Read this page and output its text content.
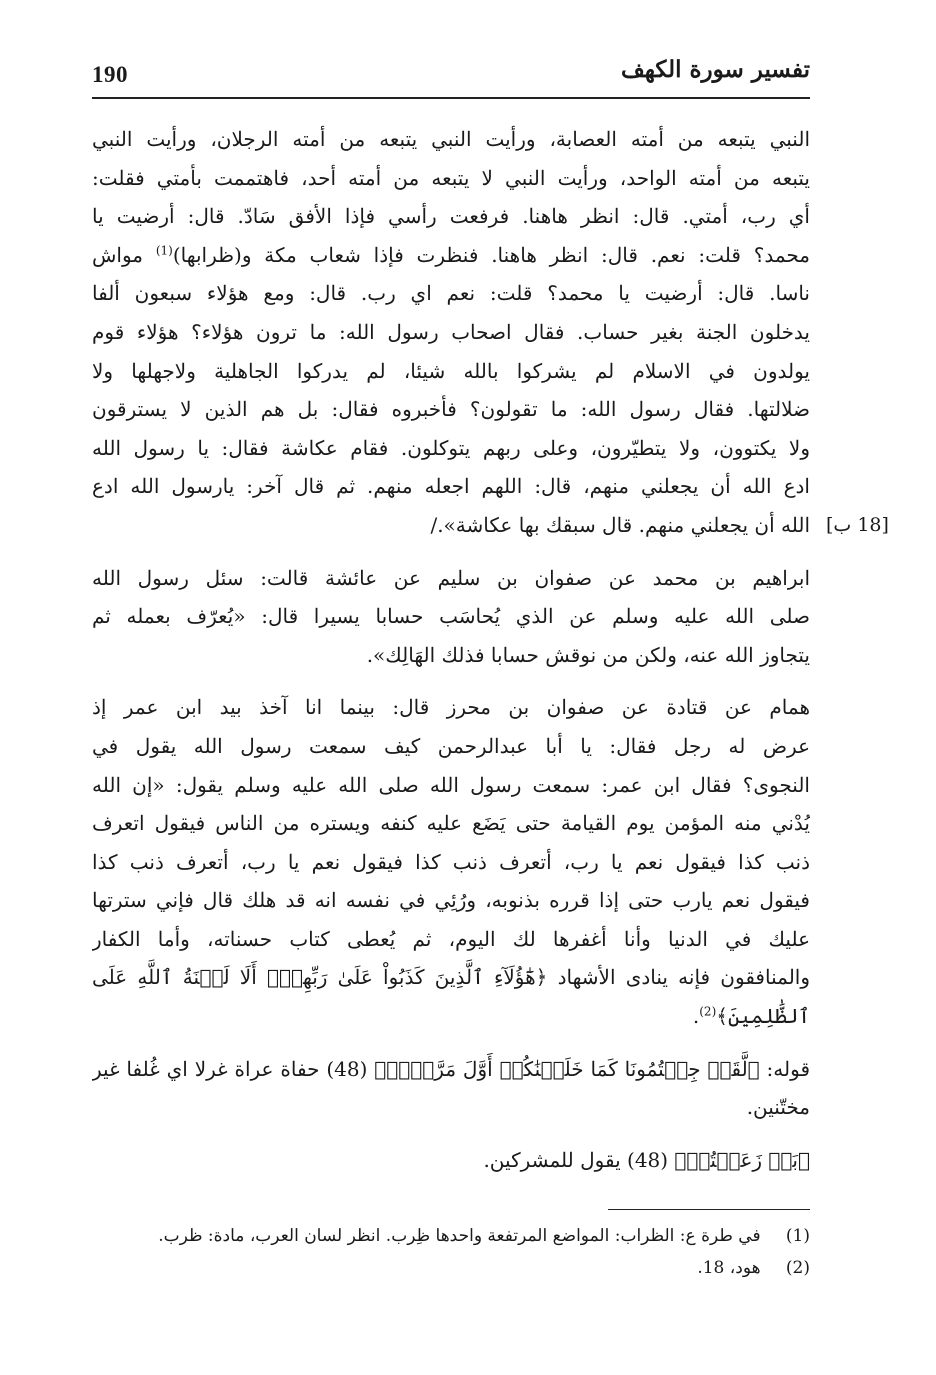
190	تفسير سورة الكهف

النبي يتبعه من أمته العصابة، ورأيت النبي يتبعه من أمته الرجلان، ورأيت النبي
يتبعه من أمته الواحد، ورأيت النبي لا يتبعه من أمته أحد، فاهتممت بأمتي فقلت:
أي رب، أمتي. قال: انظر هاهنا. فرفعت رأسي فإذا الأفق سَادّ. قال: أرضيت يا
محمد؟ قلت: نعم. قال: انظر هاهنا. فنظرت فإذا شعاب مكة و(ظرابها)$^{(1)}$ مواش
ناسا. قال: أرضيت يا محمد؟ قلت: نعم اي رب. قال: ومع هؤلاء سبعون ألفا
يدخلون الجنة بغير حساب. فقال اصحاب رسول الله: ما ترون هؤلاء؟ هؤلاء قوم
يولدون في الاسلام لم يشركوا بالله شيئا، لم يدركوا الجاهلية ولاجهلها ولا
ضلالتها. فقال رسول الله: ما تقولون؟ فأخبروه فقال: بل هم الذين لا يسترقون
ولا يكتوون، ولا يتطيّرون، وعلى ربهم يتوكلون. فقام عكاشة فقال: يا رسول الله
ادع الله أن يجعلني منهم، قال: اللهم اجعله منهم. ثم قال آخر: يارسول الله ادع
الله أن يجعلني منهم. قال سبقك بها عكاشة»./

ابراهيم بن محمد عن صفوان بن سليم عن عائشة قالت: سئل رسول الله
صلى الله عليه وسلم عن الذي يُحاسَب حسابا يسيرا قال: «يُعرّف بعمله ثم
يتجاوز الله عنه، ولكن من نوقش حسابا فذلك الهَالِك».

همام عن قتادة عن صفوان بن محرز قال: بينما انا آخذ بيد ابن عمر إذ
عرض له رجل فقال: يا أبا عبدالرحمن كيف سمعت رسول الله يقول في
النجوى؟ فقال ابن عمر: سمعت رسول الله صلى الله عليه وسلم يقول: «إن الله
يُدْني منه المؤمن يوم القيامة حتى يَضَع عليه كنفه ويستره من الناس فيقول اتعرف
ذنب كذا فيقول نعم يا رب، أتعرف ذنب كذا فيقول نعم يا رب، أتعرف ذنب كذا
فيقول نعم يارب حتى إذا قرره بذنوبه، ورُئِي في نفسه انه قد هلك قال فإني سترتها
عليك في الدنيا وأنا أغفرها لك اليوم، ثم يُعطى كتاب حسناته، وأما الكفار
والمنافقون فإنه ينادى الأشهاد ﴿هَٰٓؤُلَآءِ ٱلَّذِينَ كَذَبُواْ عَلَىٰ رَبِّهِمۡۚ أَلَا لَعۡنَةُ ٱللَّهِ عَلَى
ٱلظَّٰلِمِينَ﴾$^{(2)}$.

قوله: ﴿لَّقَدۡ جِئۡتُمُونَا كَمَا خَلَقۡنَٰكُمۡ أَوَّلَ مَرَّةِۢۚ﴾ (48) حفاة عراة غرلا اي غُلفا غير
مختّنين.

﴿بَلۡ زَعَمۡتُمۡ﴾ (48) يقول للمشركين.

[18 ب]
(1) في طرة ع: الظراب: المواضع المرتفعة واحدها ظِرب. انظر لسان العرب، مادة: ظرب.
(2) هود، 18.
